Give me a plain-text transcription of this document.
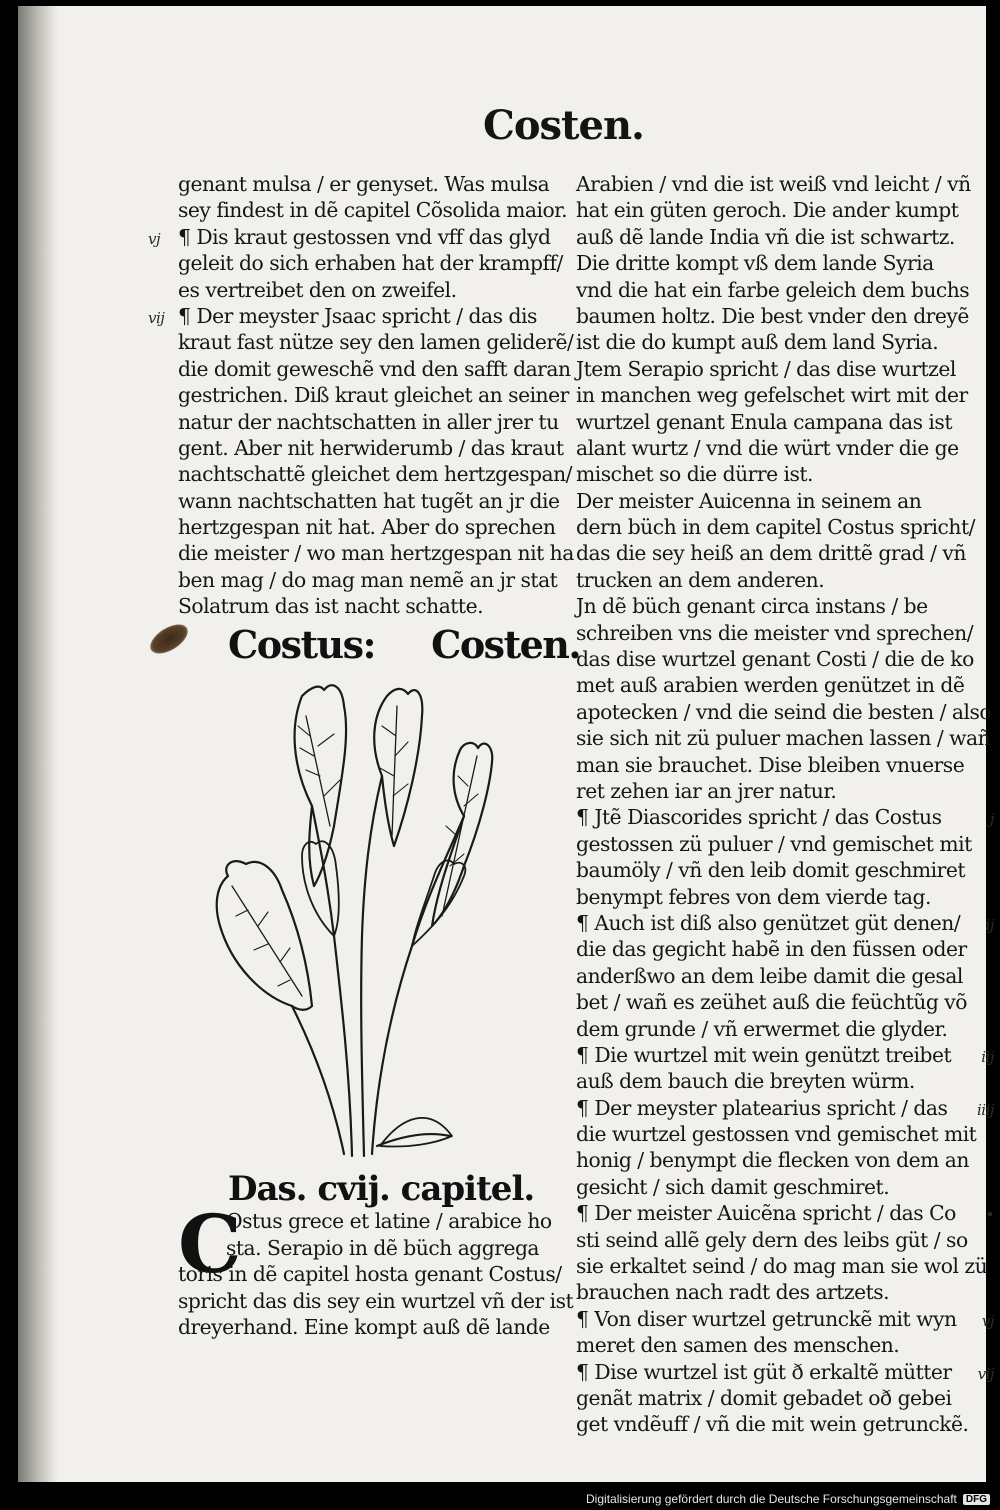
Costen.
genant mulsa / er genyset. Was mulsa
sey findest in dẽ capitel Cõsolida maior.
¶ Dis kraut gestossen vnd vff das glyd
vj
geleit do sich erhaben hat der krampff/
es vertreibet den on zweifel.
¶ Der meyster Jsaac spricht / das dis
vij
kraut fast nütze sey den lamen geliderẽ/
die domit geweschẽ vnd den safft daran
gestrichen. Diß kraut gleichet an seiner
natur der nachtschatten in aller jrer tu
gent. Aber nit herwiderumb / das kraut
nachtschattẽ gleichet dem hertzgespan/
wann nachtschatten hat tugẽt an jr die
hertzgespan nit hat. Aber do sprechen
die meister / wo man hertzgespan nit ha
ben mag / do mag man nemẽ an jr stat
Solatrum das ist nacht schatte.
Costus: Costen.
Das. cvij. capitel.
C
Ostus grece et latine / arabice ho
sta. Serapio in dẽ büch aggrega
toris in dẽ capitel hosta genant Costus/
spricht das dis sey ein wurtzel vñ der ist
dreyerhand. Eine kompt auß dẽ lande
Arabien / vnd die ist weiß vnd leicht / vñ
hat ein güten geroch. Die ander kumpt
auß dẽ lande India vñ die ist schwartz.
Die dritte kompt vß dem lande Syria
vnd die hat ein farbe geleich dem buchs
baumen holtz. Die best vnder den dreyẽ
ist die do kumpt auß dem land Syria.
Jtem Serapio spricht / das dise wurtzel
in manchen weg gefelschet wirt mit der
wurtzel genant Enula campana das ist
alant wurtz / vnd die würt vnder die ge
mischet so die dürre ist.
Der meister Auicenna in seinem an
dern büch in dem capitel Costus spricht/
das die sey heiß an dem drittẽ grad / vñ
trucken an dem anderen.
Jn dẽ büch genant circa instans / be
schreiben vns die meister vnd sprechen/
das dise wurtzel genant Costi / die de ko
met auß arabien werden genützet in dẽ
apotecken / vnd die seind die besten / also
sie sich nit zü puluer machen lassen / wañ
man sie brauchet. Dise bleiben vnuerse
ret zehen iar an jrer natur.
¶ Jtẽ Diascorides spricht / das Costus	j
gestossen zü puluer / vnd gemischet mit
baumöly / vñ den leib domit geschmiret
benympt febres von dem vierde tag.
¶ Auch ist diß also genützet güt denen/ ij
die das gegicht habẽ in den füssen oder
anderßwo an dem leibe damit die gesal
bet / wañ es zeühet auß die feüchtũg võ
dem grunde / vñ erwermet die glyder.
¶ Die wurtzel mit wein genützt treibet iij
auß dem bauch die breyten würm.
¶ Der meyster platearius spricht / das iiij
die wurtzel gestossen vnd gemischet mit
honig / benympt die flecken von dem an
gesicht / sich damit geschmiret.
¶ Der meister Auicẽna spricht / das Co •
sti seind allẽ gely dern des leibs güt / so
sie erkaltet seind / do mag man sie wol zü
brauchen nach radt des artzets.
¶ Von diser wurtzel getrunckẽ mit wyn vj
meret den samen des menschen.
¶ Dise wurtzel ist güt ð erkaltẽ mütter vij
genãt matrix / domit gebadet oð gebei
get vndẽuff / vñ die mit wein getrunckẽ.
Digitalisierung gefördert durch die Deutsche Forschungsgemeinschaft DFG
